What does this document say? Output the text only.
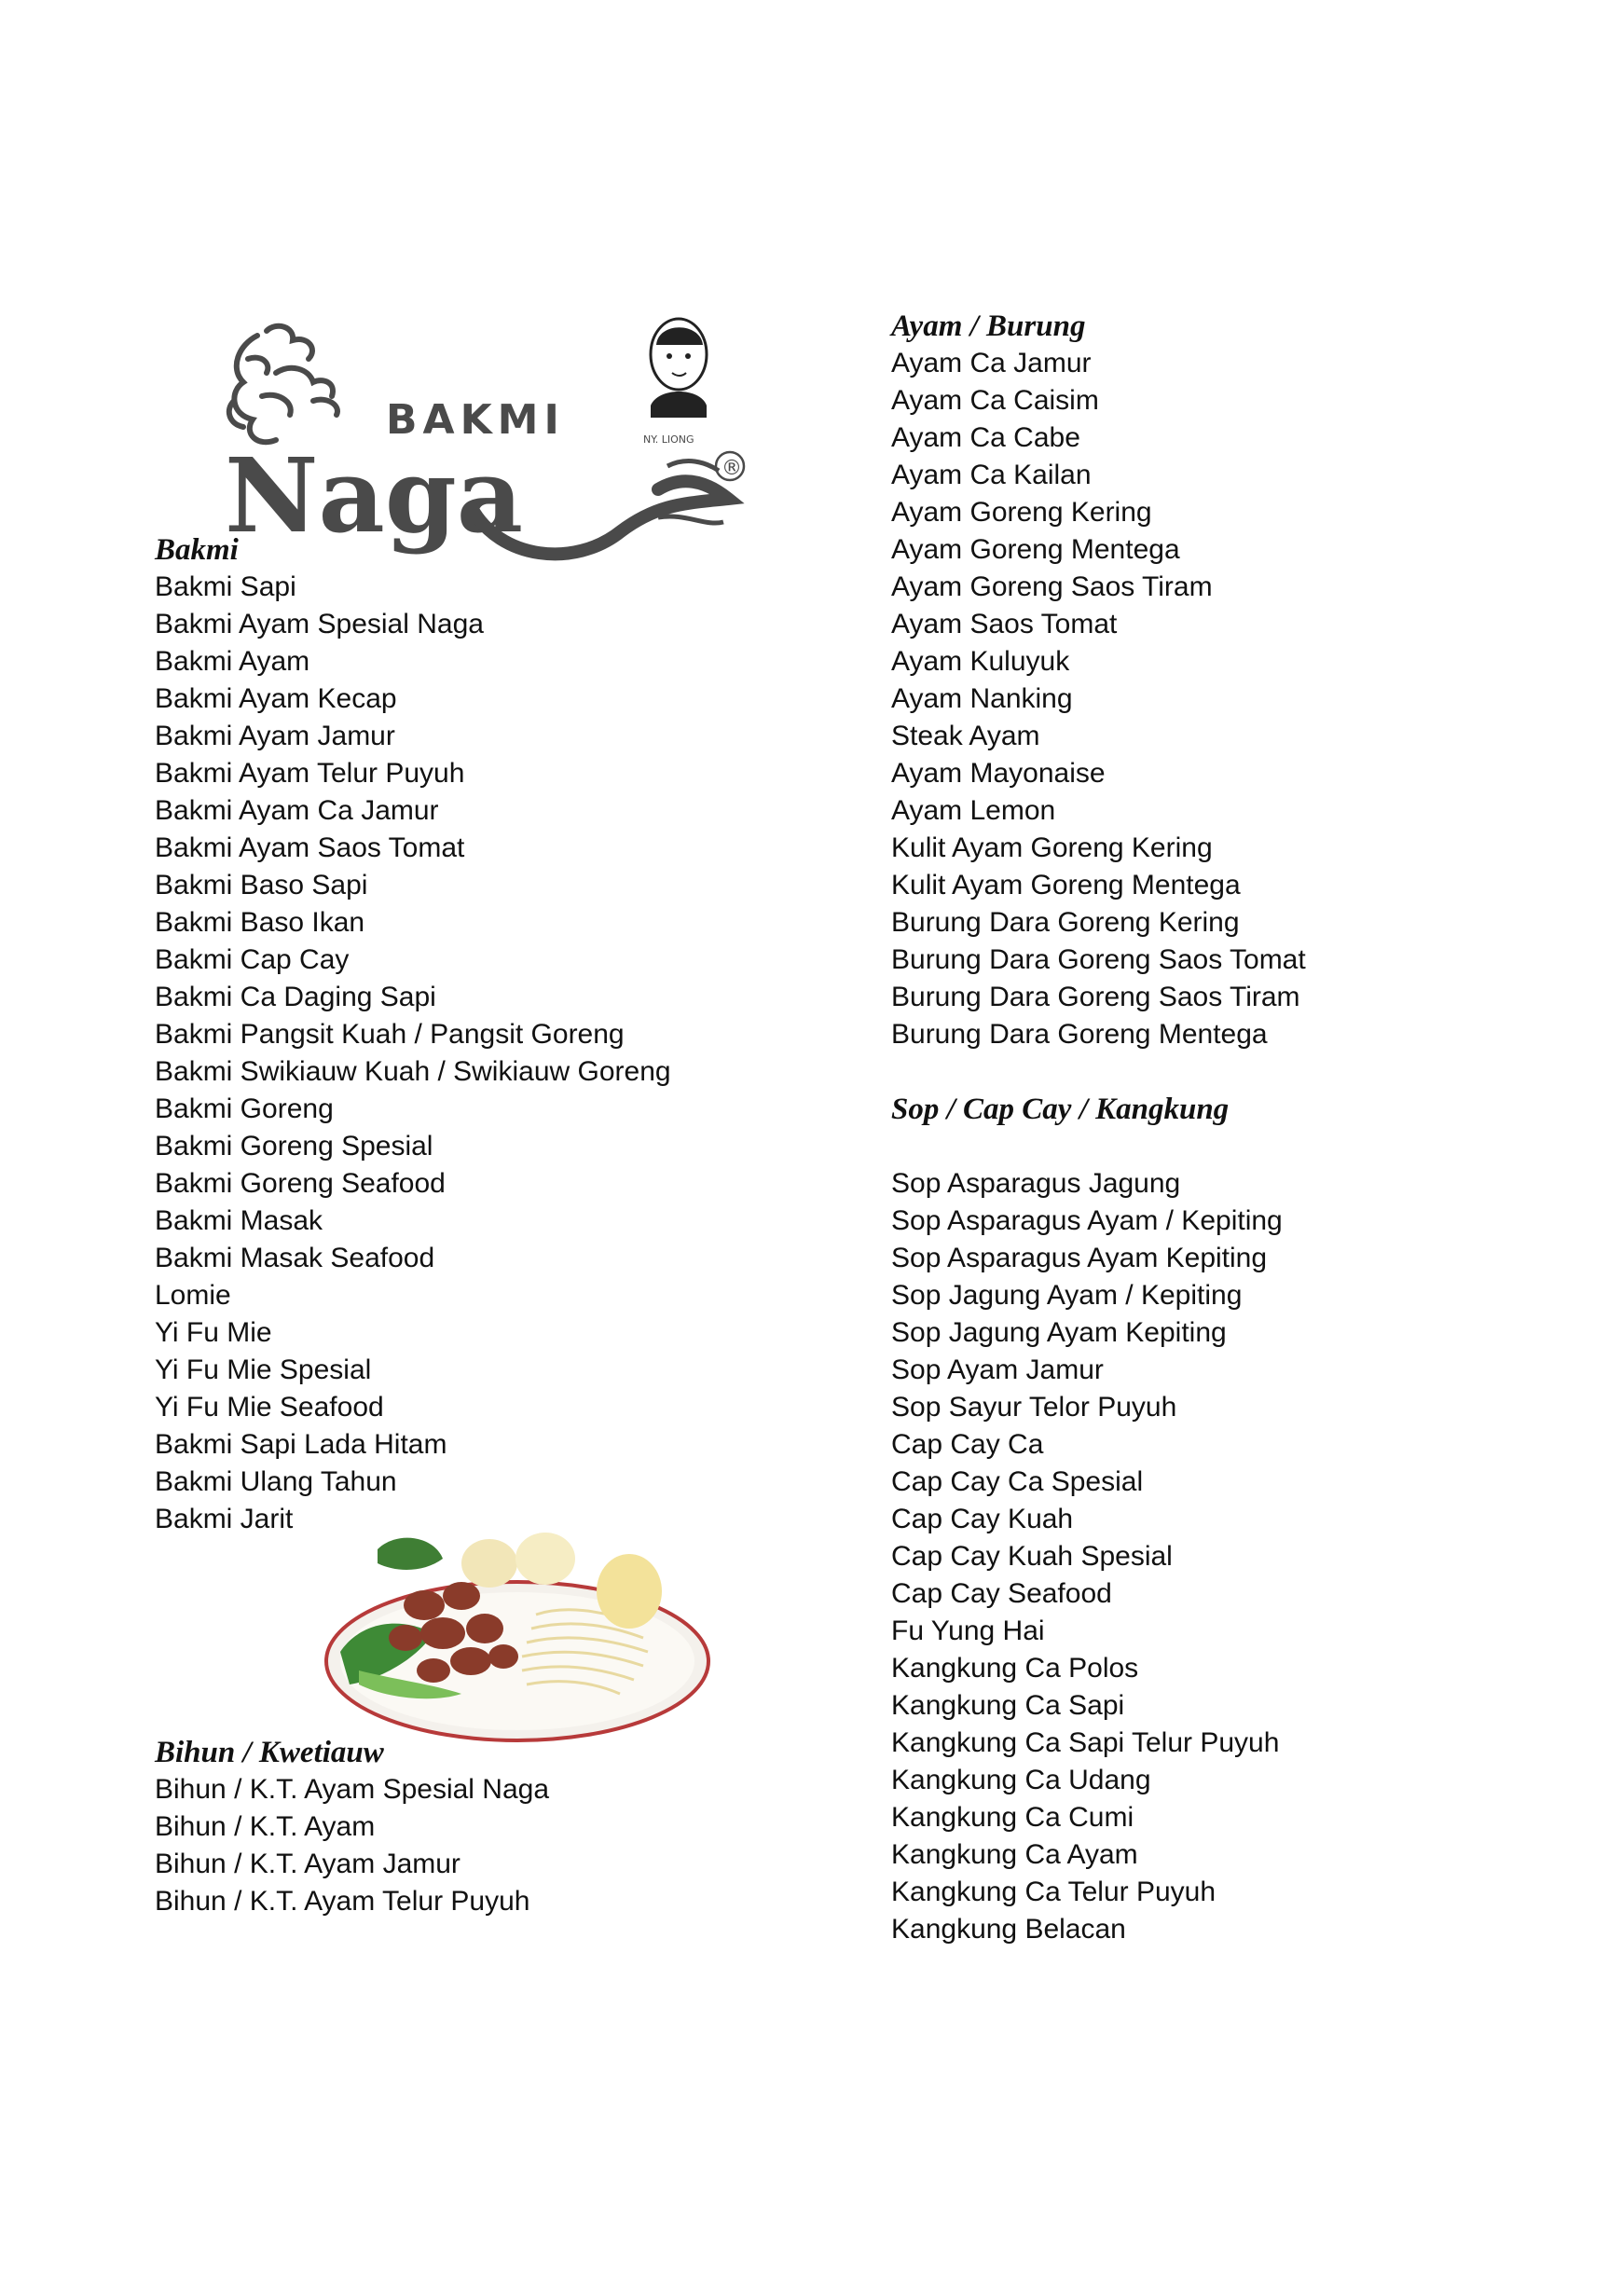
BAKMI
Naga	®
NY. LIONG
Bakmi
Bakmi Sapi
Bakmi Ayam Spesial Naga
Bakmi Ayam
Bakmi Ayam Kecap
Bakmi Ayam Jamur
Bakmi Ayam Telur Puyuh
Bakmi Ayam Ca Jamur
Bakmi Ayam Saos Tomat
Bakmi Baso Sapi
Bakmi Baso Ikan
Bakmi Cap Cay
Bakmi Ca Daging Sapi
Bakmi Pangsit Kuah / Pangsit Goreng
Bakmi Swikiauw Kuah / Swikiauw Goreng
Bakmi Goreng
Bakmi Goreng Spesial
Bakmi Goreng Seafood
Bakmi Masak
Bakmi Masak Seafood
Lomie
Yi Fu Mie
Yi Fu Mie Spesial
Yi Fu Mie Seafood
Bakmi Sapi Lada Hitam
Bakmi Ulang Tahun
Bakmi Jarit
Bihun / Kwetiauw
Bihun / K.T. Ayam Spesial Naga
Bihun / K.T. Ayam
Bihun / K.T. Ayam Jamur
Bihun / K.T. Ayam Telur Puyuh
Ayam / Burung
Ayam Ca Jamur
Ayam Ca Caisim
Ayam Ca Cabe
Ayam Ca Kailan
Ayam Goreng Kering
Ayam Goreng Mentega
Ayam Goreng Saos Tiram
Ayam Saos Tomat
Ayam Kuluyuk
Ayam Nanking
Steak Ayam
Ayam Mayonaise
Ayam Lemon
Kulit Ayam Goreng Kering
Kulit Ayam Goreng Mentega
Burung Dara Goreng Kering
Burung Dara Goreng Saos Tomat
Burung Dara Goreng Saos Tiram
Burung Dara Goreng Mentega
Sop / Cap Cay / Kangkung
Sop Asparagus Jagung
Sop Asparagus Ayam / Kepiting
Sop Asparagus Ayam Kepiting
Sop Jagung Ayam / Kepiting
Sop Jagung Ayam Kepiting
Sop Ayam Jamur
Sop Sayur Telor Puyuh
Cap Cay Ca
Cap Cay Ca Spesial
Cap Cay Kuah
Cap Cay Kuah Spesial
Cap Cay Seafood
Fu Yung Hai
Kangkung Ca Polos
Kangkung Ca Sapi
Kangkung Ca Sapi Telur Puyuh
Kangkung Ca Udang
Kangkung Ca Cumi
Kangkung Ca Ayam
Kangkung Ca Telur Puyuh
Kangkung Belacan
